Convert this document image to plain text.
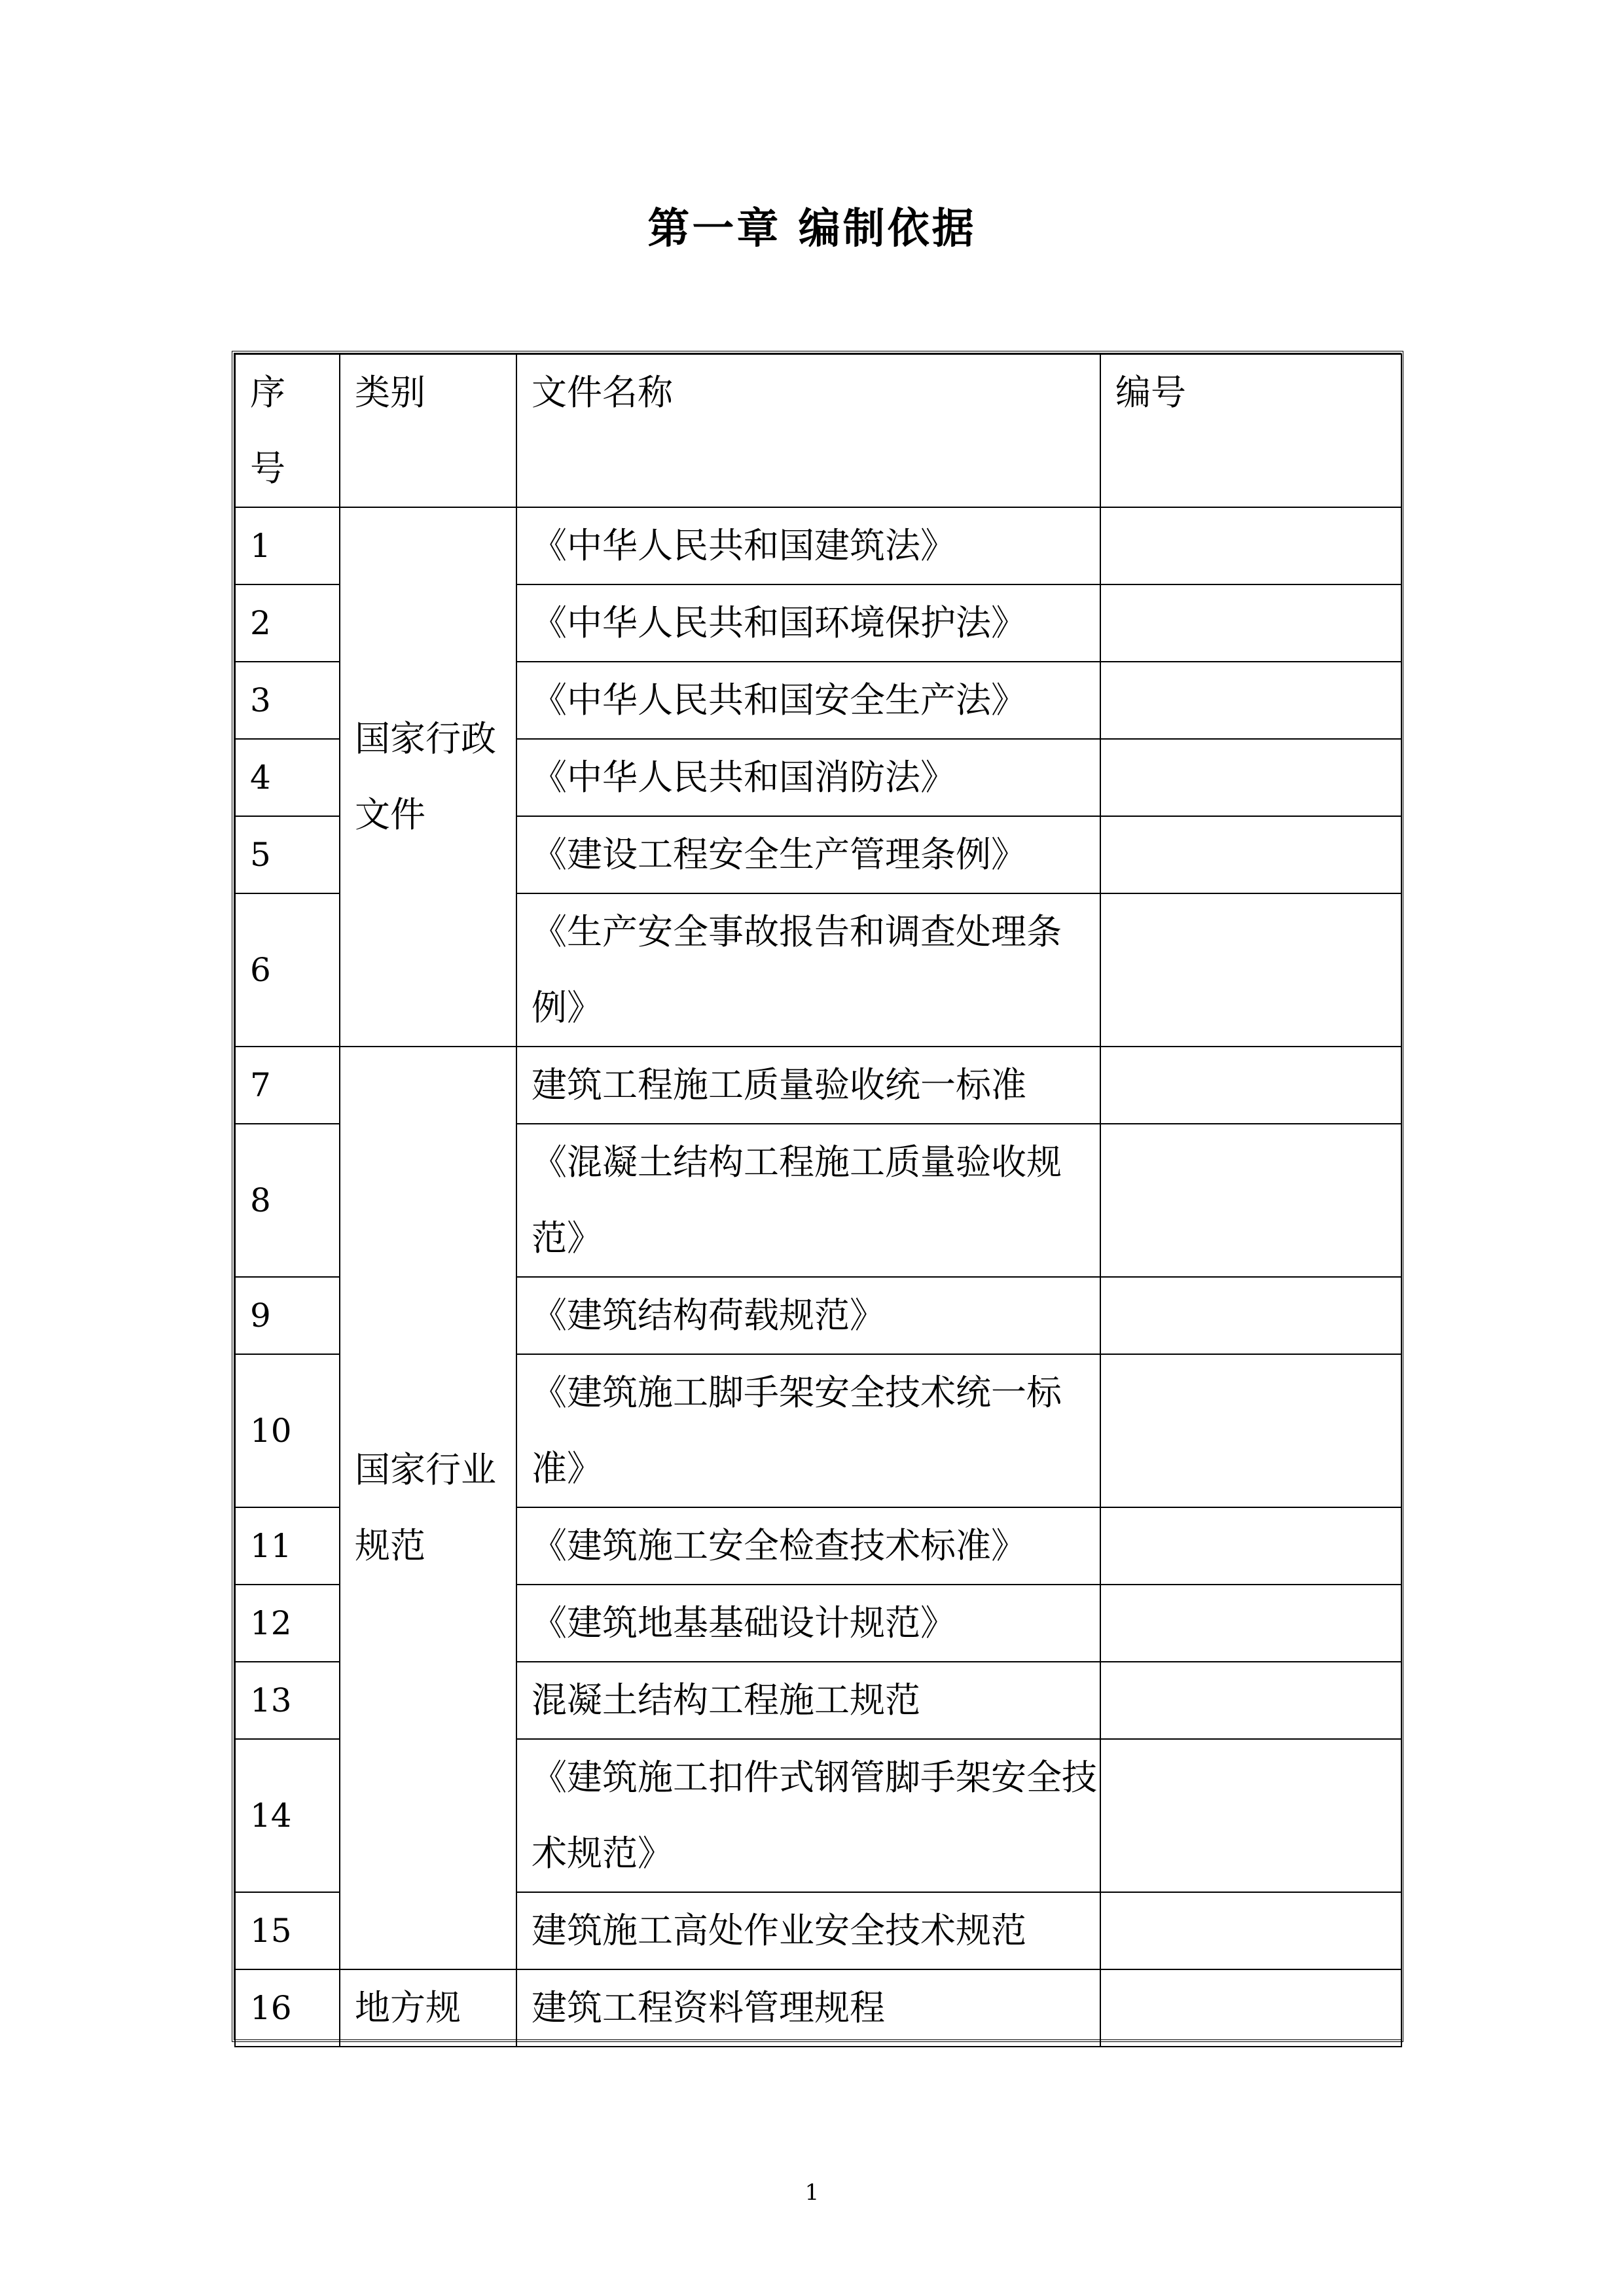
第一章 编制依据
序号	类别	文件名称	编号
1	国家行政文件	《中华人民共和国建筑法》	
2		《中华人民共和国环境保护法》	
3		《中华人民共和国安全生产法》	
4		《中华人民共和国消防法》	
5		《建设工程安全生产管理条例》	
6		《生产安全事故报告和调查处理条例》	
7	国家行业规范	建筑工程施工质量验收统一标准	
8		《混凝土结构工程施工质量验收规范》	
9		《建筑结构荷载规范》	
10		《建筑施工脚手架安全技术统一标准》	
11		《建筑施工安全检查技术标准》	
12		《建筑地基基础设计规范》	
13		混凝土结构工程施工规范	
14		《建筑施工扣件式钢管脚手架安全技术规范》	
15		建筑施工高处作业安全技术规范	
16	地方规	建筑工程资料管理规程	
1
